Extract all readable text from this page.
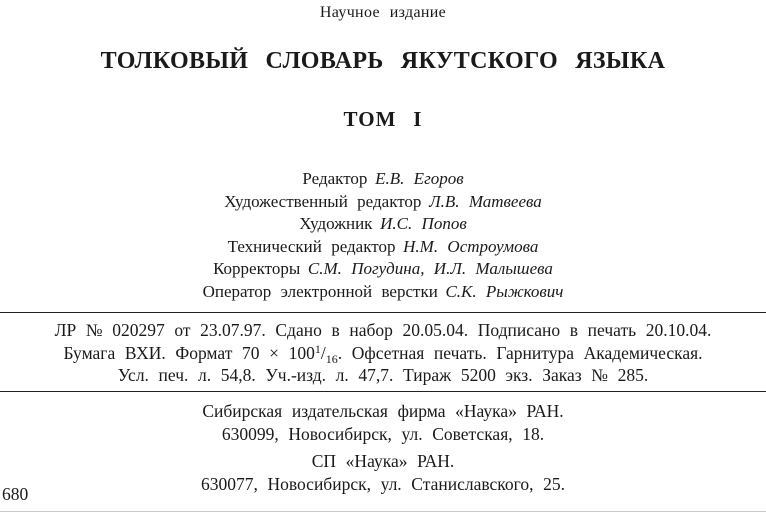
Научное издание
ТОЛКОВЫЙ СЛОВАРЬ ЯКУТСКОГО ЯЗЫКА
ТОМ I
Редактор Е.В. Егоров
Художественный редактор Л.В. Матвеева
Художник И.С. Попов
Технический редактор Н.М. Остроумова
Корректоры С.М. Погудина, И.Л. Малышева
Оператор электронной верстки С.К. Рыжкович
ЛР № 020297 от 23.07.97. Сдано в набор 20.05.04. Подписано в печать 20.10.04.
Бумага ВХИ. Формат $70 \times 100^1/_{16}$. Офсетная печать. Гарнитура Академическая.
Усл. печ. л. 54,8. Уч.-изд. л. 47,7. Тираж 5200 экз. Заказ № 285.
Сибирская издательская фирма «Наука» РАН.
630099, Новосибирск, ул. Советская, 18.
СП «Наука» РАН.
630077, Новосибирск, ул. Станиславского, 25.
680
